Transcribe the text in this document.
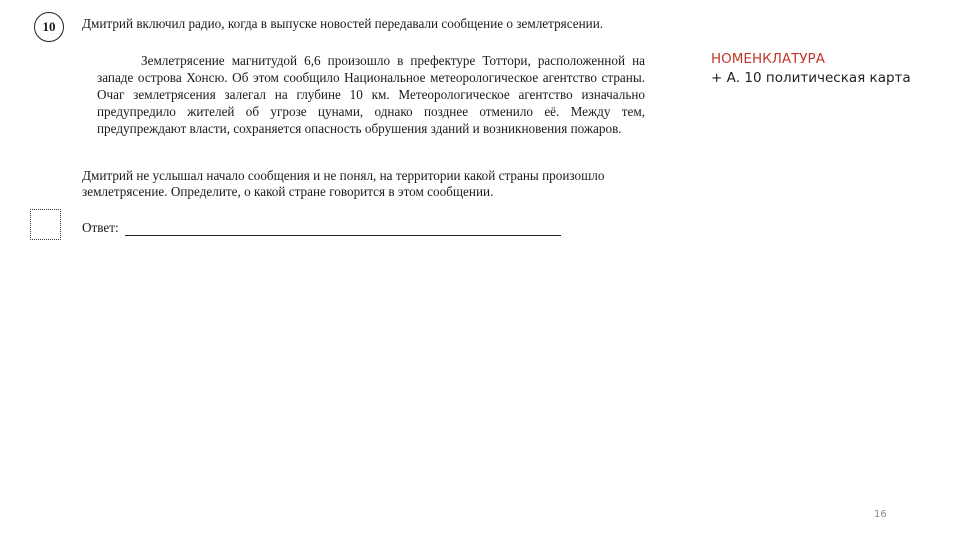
10 Дмитрий включил радио, когда в выпуске новостей передавали сообщение о землетрясении.
Землетрясение магнитудой 6,6 произошло в префектуре Тоттори, расположенной на западе острова Хонсю. Об этом сообщило Национальное метеорологическое агентство страны. Очаг землетрясения залегал на глубине 10 км. Метеорологическое агентство изначально предупредило жителей об угрозе цунами, однако позднее отменило её. Между тем, предупреждают власти, сохраняется опасность обрушения зданий и возникновения пожаров.
Дмитрий не услышал начало сообщения и не понял, на территории какой страны произошло землетрясение. Определите, о какой стране говорится в этом сообщении.
Ответ:
НОМЕНКЛАТУРА
+ А. 10 политическая карта
16
